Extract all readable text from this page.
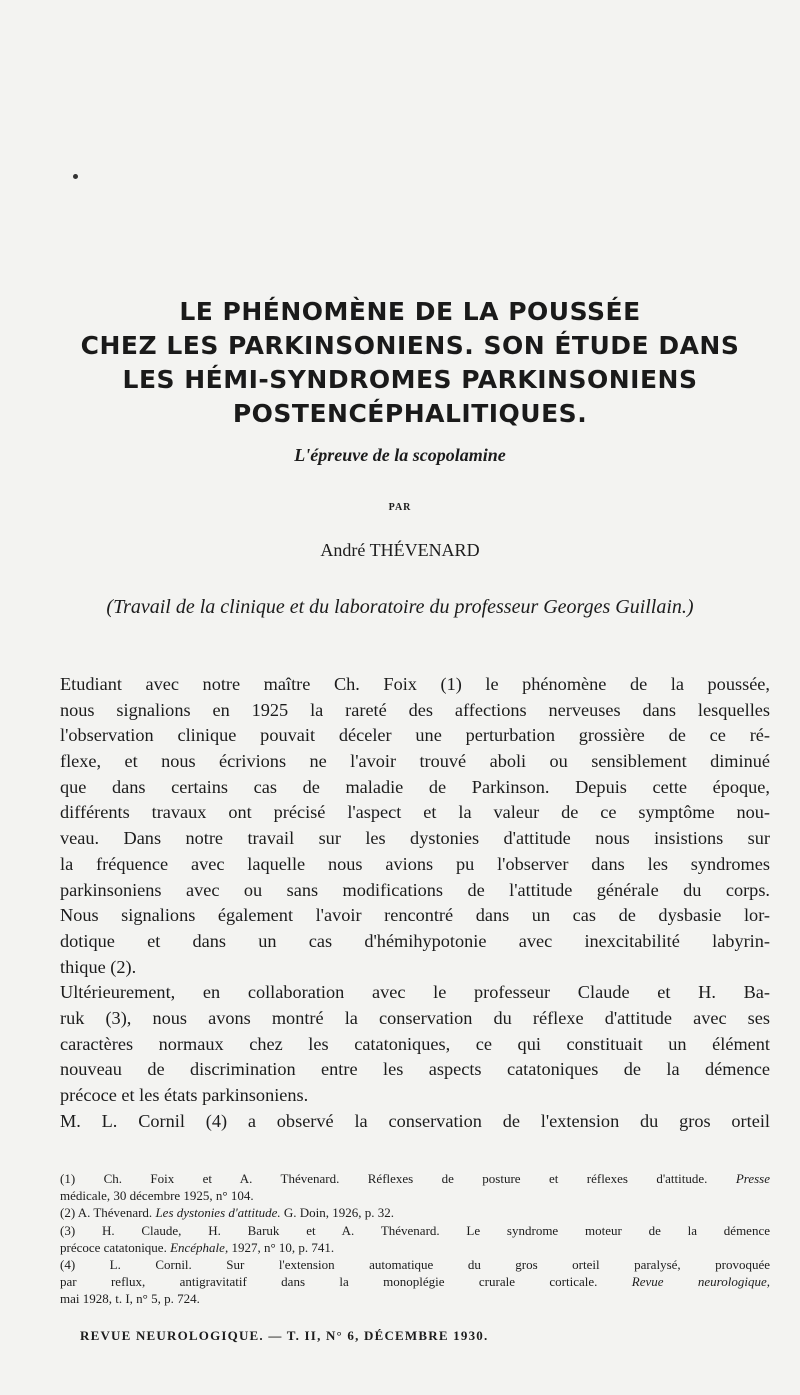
LE PHÉNOMÈNE DE LA POUSSÉE
CHEZ LES PARKINSONIENS. SON ÉTUDE DANS
LES HÉMI-SYNDROMES PARKINSONIENS
POSTENCÉPHALITIQUES.
L'épreuve de la scopolamine
PAR
André THÉVENARD
(Travail de la clinique et du laboratoire du professeur Georges Guillain.)
Etudiant avec notre maître Ch. Foix (1) le phénomène de la poussée,
nous signalions en 1925 la rareté des affections nerveuses dans lesquelles
l'observation clinique pouvait déceler une perturbation grossière de ce ré-
flexe, et nous écrivions ne l'avoir trouvé aboli ou sensiblement diminué
que dans certains cas de maladie de Parkinson. Depuis cette époque,
différents travaux ont précisé l'aspect et la valeur de ce symptôme nou-
veau. Dans notre travail sur les dystonies d'attitude nous insistions sur
la fréquence avec laquelle nous avions pu l'observer dans les syndromes
parkinsoniens avec ou sans modifications de l'attitude générale du corps.
Nous signalions également l'avoir rencontré dans un cas de dysbasie lor-
dotique et dans un cas d'hémihypotonie avec inexcitabilité labyrin-
thique (2).
Ultérieurement, en collaboration avec le professeur Claude et H. Ba-
ruk (3), nous avons montré la conservation du réflexe d'attitude avec ses
caractères normaux chez les catatoniques, ce qui constituait un élément
nouveau de discrimination entre les aspects catatoniques de la démence
précoce et les états parkinsoniens.
M. L. Cornil (4) a observé la conservation de l'extension du gros orteil
(1) Ch. Foix et A. Thévenard. Réflexes de posture et réflexes d'attitude. Presse
médicale, 30 décembre 1925, n° 104.
(2) A. Thévenard. Les dystonies d'attitude. G. Doin, 1926, p. 32.
(3) H. Claude, H. Baruk et A. Thévenard. Le syndrome moteur de la démence
précoce catatonique. Encéphale, 1927, n° 10, p. 741.
(4) L. Cornil. Sur l'extension automatique du gros orteil paralysé, provoquée
par reflux, antigravitatif dans la monoplégie crurale corticale. Revue neurologique,
mai 1928, t. I, n° 5, p. 724.
REVUE NEUROLOGIQUE. — T. II, N° 6, DÉCEMBRE 1930.
